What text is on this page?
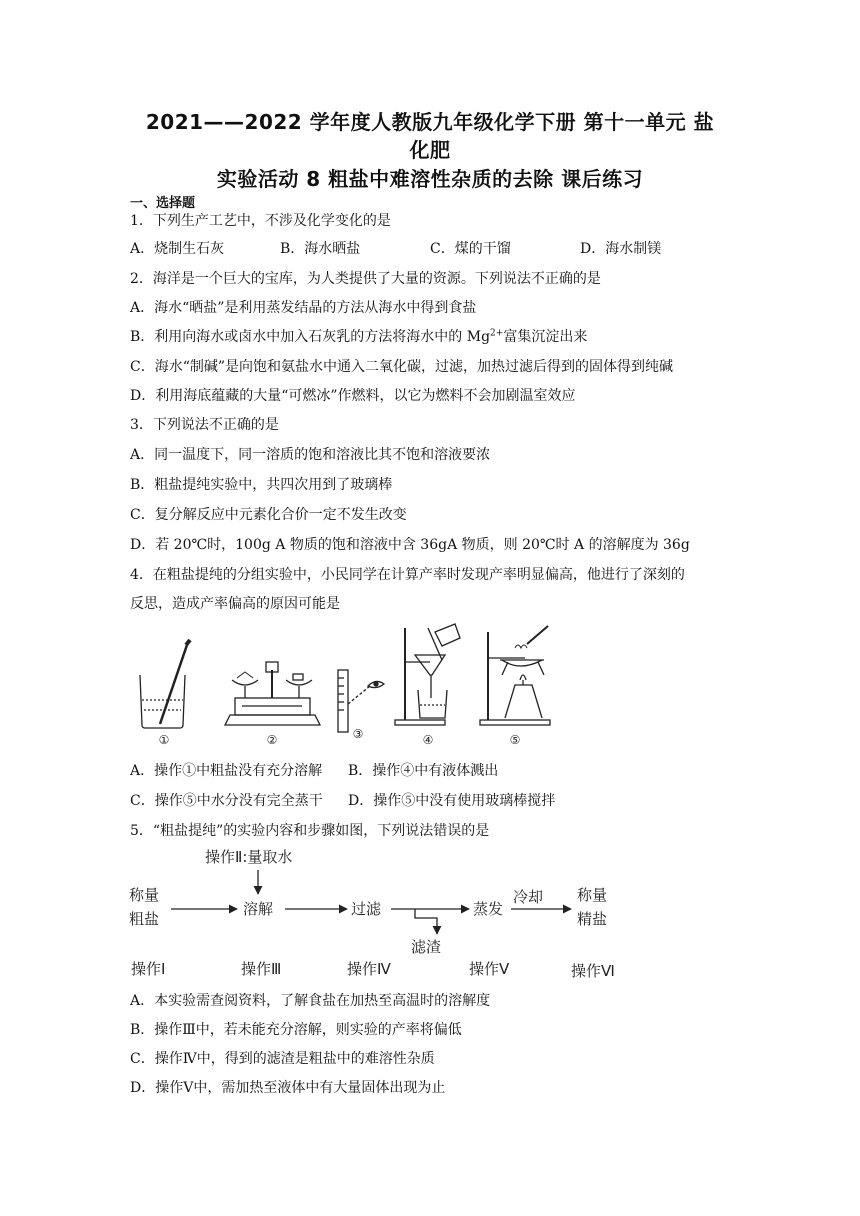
2021——2022 学年度人教版九年级化学下册 第十一单元 盐
化肥
实验活动 8 粗盐中难溶性杂质的去除 课后练习
一、选择题
1．下列生产工艺中，不涉及化学变化的是
A．烧制生石灰	B．海水晒盐	C．煤的干馏	D．海水制镁
2．海洋是一个巨大的宝库，为人类提供了大量的资源。下列说法不正确的是
A．海水“晒盐”是利用蒸发结晶的方法从海水中得到食盐
B．利用向海水或卤水中加入石灰乳的方法将海水中的 $Mg^{2+}$富集沉淀出来
C．海水“制碱”是向饱和氨盐水中通入二氧化碳，过滤，加热过滤后得到的固体得到纯碱
D．利用海底蕴藏的大量“可燃冰”作燃料，以它为燃料不会加剧温室效应
3．下列说法不正确的是
A．同一温度下，同一溶质的饱和溶液比其不饱和溶液要浓
B．粗盐提纯实验中，共四次用到了玻璃棒
C．复分解反应中元素化合价一定不发生改变
D．若 20℃时，100g A 物质的饱和溶液中含 36gA 物质，则 20℃时 A 的溶解度为 36g
4．在粗盐提纯的分组实验中，小民同学在计算产率时发现产率明显偏高，他进行了深刻的
反思，造成产率偏高的原因可能是
①	②	③	④	⑤
A．操作①中粗盐没有充分溶解 B．操作④中有液体溅出
C．操作⑤中水分没有完全蒸干 D．操作⑤中没有使用玻璃棒搅拌
5．“粗盐提纯”的实验内容和步骤如图，下列说法错误的是
操作Ⅱ:量取水
称量
粗盐
溶解	过滤	蒸发
冷却 称量
精盐
滤渣
操作Ⅰ	操作Ⅲ	操作Ⅳ	操作Ⅴ	操作Ⅵ
A．本实验需查阅资料，了解食盐在加热至高温时的溶解度
B．操作Ⅲ中，若未能充分溶解，则实验的产率将偏低
C．操作Ⅳ中，得到的滤渣是粗盐中的难溶性杂质
D．操作Ⅴ中，需加热至液体中有大量固体出现为止
